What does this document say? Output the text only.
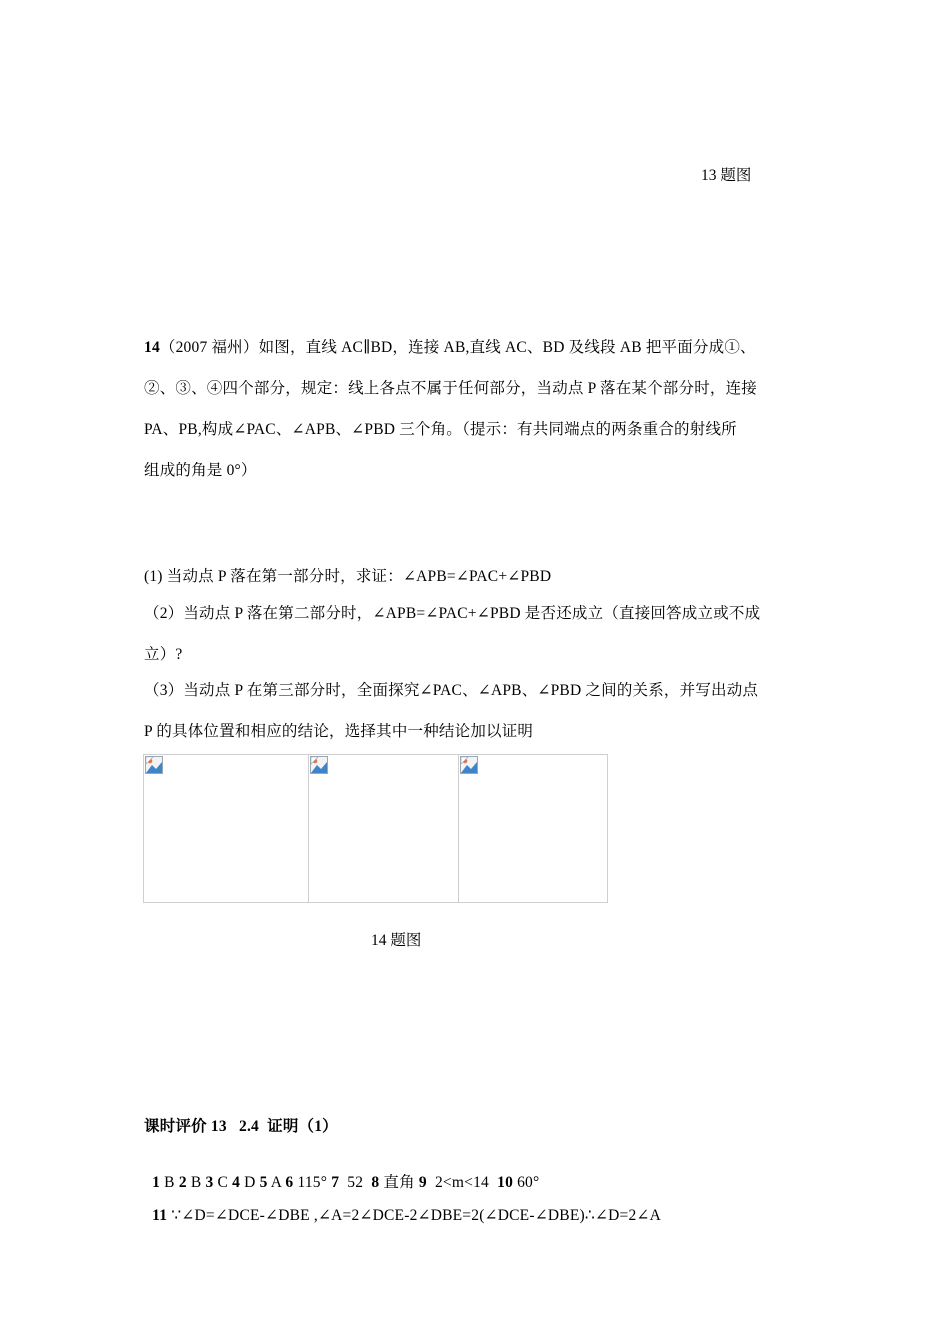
13 题图
14（2007 福州）如图，直线 AC∥BD，连接 AB,直线 AC、BD 及线段 AB 把平面分成①、
②、③、④四个部分，规定：线上各点不属于任何部分，当动点 P 落在某个部分时，连接
PA、PB,构成∠PAC、∠APB、∠PBD 三个角。（提示：有共同端点的两条重合的射线所
组成的角是 0°）
(1) 当动点 P 落在第一部分时，求证：∠APB=∠PAC+∠PBD
（2）当动点 P 落在第二部分时，∠APB=∠PAC+∠PBD 是否还成立（直接回答成立或不成
立）?
（3）当动点 P 在第三部分时，全面探究∠PAC、∠APB、∠PBD 之间的关系，并写出动点
P 的具体位置和相应的结论，选择其中一种结论加以证明
14 题图
课时评价 13   2.4  证明（1）

1 B 2 B 3 C 4 D 5 A 6 115° 7  52  8 直角 9  2<m<14  10 60°

11 ∵∠D=∠DCE-∠DBE ,∠A=2∠DCE-2∠DBE=2(∠DCE-∠DBE)∴∠D=2∠A
